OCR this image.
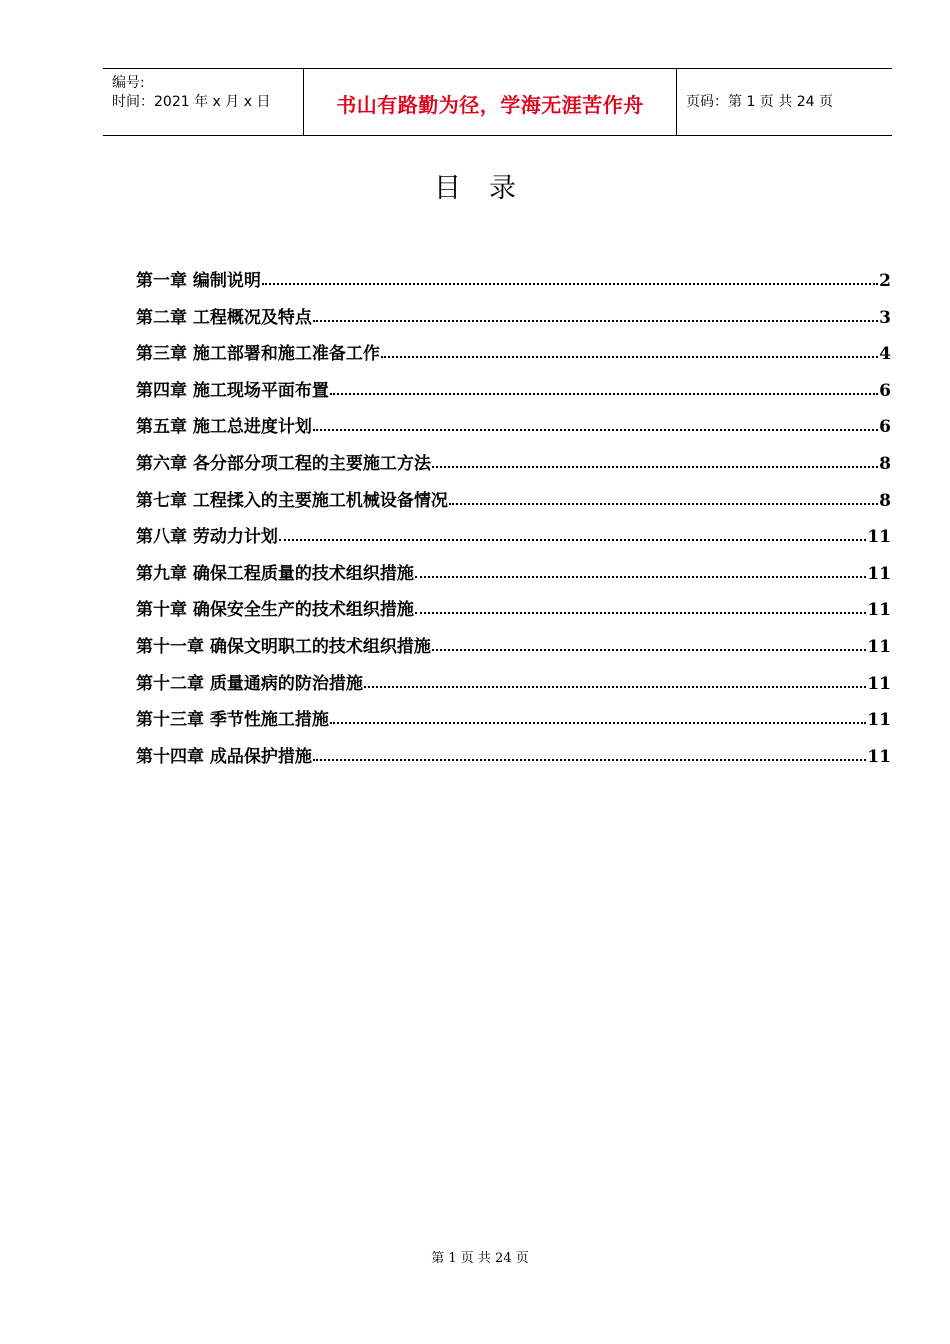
编号:
时间：2021 年 x 月 x 日	书山有路勤为径，学海无涯苦作舟	页码：第 1 页 共 24 页
目录
第一章 编制说明	2
第二章 工程概况及特点	3
第三章 施工部署和施工准备工作	4
第四章 施工现场平面布置	6
第五章 施工总进度计划	6
第六章 各分部分项工程的主要施工方法	8
第七章 工程揉入的主要施工机械设备情况	8
第八章 劳动力计划	11
第九章 确保工程质量的技术组织措施	11
第十章 确保安全生产的技术组织措施	11
第十一章 确保文明职工的技术组织措施	11
第十二章 质量通病的防治措施	11
第十三章 季节性施工措施	11
第十四章 成品保护措施	11
第 1 页 共 24 页
